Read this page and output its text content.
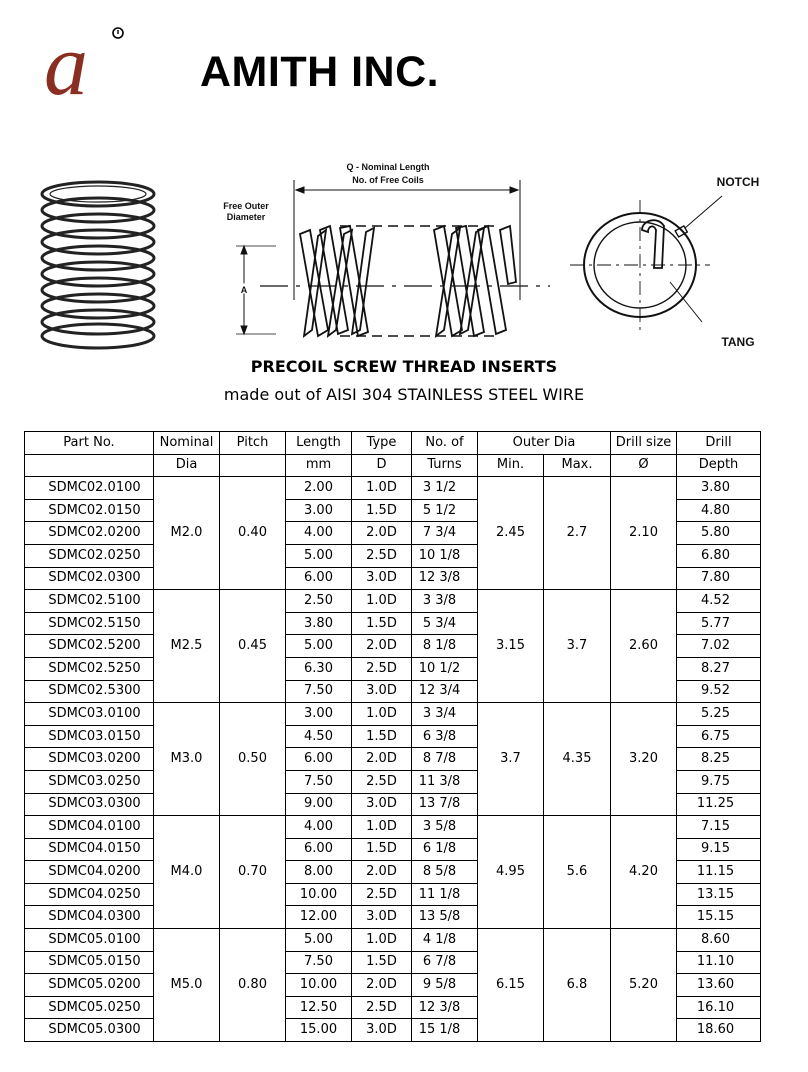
a	AMITH INC.
Q - Nominal Length
No. of Free Coils
Free Outer
Diameter
A
NOTCH
TANG
PRECOIL SCREW THREAD INSERTS
made out of AISI 304 STAINLESS STEEL WIRE
Part No.	Nominal	Pitch	Length	Type	No. of	Outer Dia		Drill size	Drill
	Dia		mm	D	Turns	Min.	Max.	Ø	Depth
SDMC02.0100	M2.0	0.40	2.00	1.0D	3 1/2	2.45	2.7	2.10	3.80
SDMC02.0150			3.00	1.5D	5 1/2				4.80
SDMC02.0200			4.00	2.0D	7 3/4				5.80
SDMC02.0250			5.00	2.5D	10 1/8				6.80
SDMC02.0300			6.00	3.0D	12 3/8				7.80
SDMC02.5100	M2.5	0.45	2.50	1.0D	3 3/8	3.15	3.7	2.60	4.52
SDMC02.5150			3.80	1.5D	5 3/4				5.77
SDMC02.5200			5.00	2.0D	8 1/8				7.02
SDMC02.5250			6.30	2.5D	10 1/2				8.27
SDMC02.5300			7.50	3.0D	12 3/4				9.52
SDMC03.0100	M3.0	0.50	3.00	1.0D	3 3/4	3.7	4.35	3.20	5.25
SDMC03.0150			4.50	1.5D	6 3/8				6.75
SDMC03.0200			6.00	2.0D	8 7/8				8.25
SDMC03.0250			7.50	2.5D	11 3/8				9.75
SDMC03.0300			9.00	3.0D	13 7/8				11.25
SDMC04.0100	M4.0	0.70	4.00	1.0D	3 5/8	4.95	5.6	4.20	7.15
SDMC04.0150			6.00	1.5D	6 1/8				9.15
SDMC04.0200			8.00	2.0D	8 5/8				11.15
SDMC04.0250			10.00	2.5D	11 1/8				13.15
SDMC04.0300			12.00	3.0D	13 5/8				15.15
SDMC05.0100	M5.0	0.80	5.00	1.0D	4 1/8	6.15	6.8	5.20	8.60
SDMC05.0150			7.50	1.5D	6 7/8				11.10
SDMC05.0200			10.00	2.0D	9 5/8				13.60
SDMC05.0250			12.50	2.5D	12 3/8				16.10
SDMC05.0300			15.00	3.0D	15 1/8				18.60
